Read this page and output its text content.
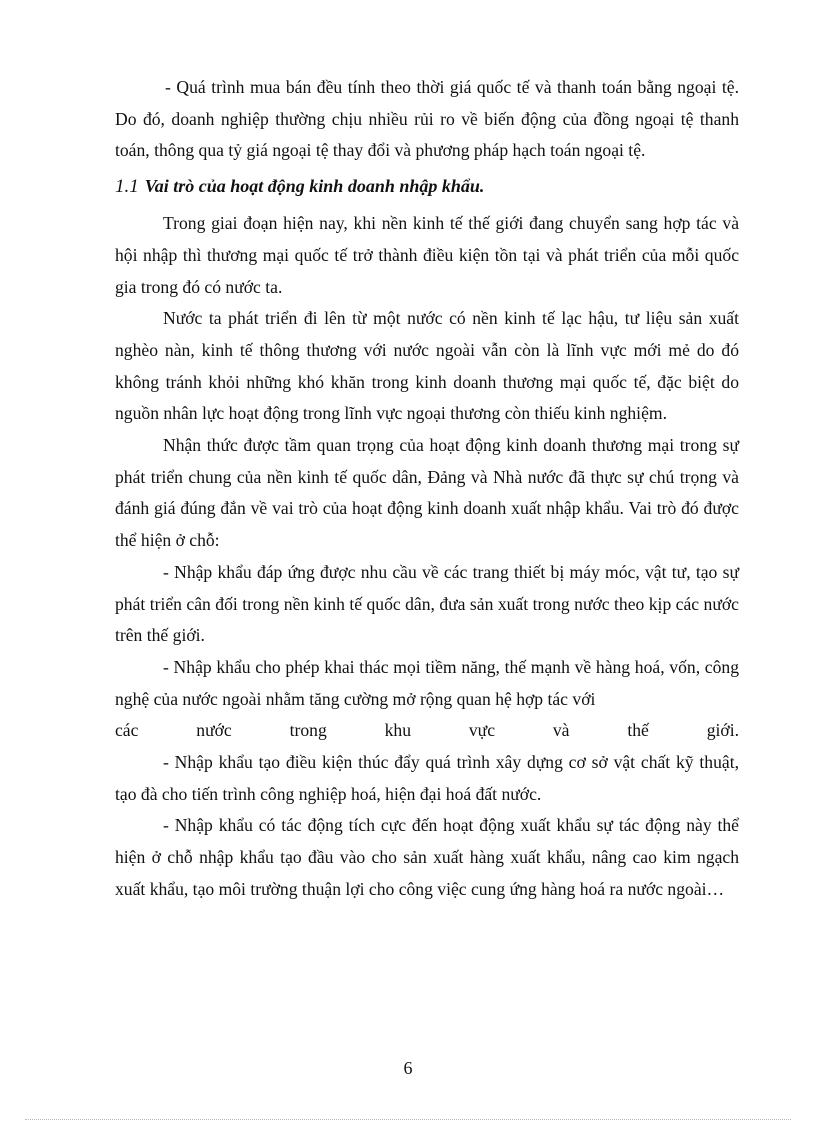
- Quá trình mua bán đều tính theo thời giá quốc tế và thanh toán bằng ngoại tệ. Do đó, doanh nghiệp thường chịu nhiều rủi ro về biến động của đồng ngoại tệ thanh toán, thông qua tỷ giá ngoại tệ thay đổi và phương pháp hạch toán ngoại tệ.

1.1 Vai trò của hoạt động kinh doanh nhập khẩu.

Trong giai đoạn hiện nay, khi nền kinh tế thế giới đang chuyển sang hợp tác và hội nhập thì thương mại quốc tế trở thành điều kiện tồn tại và phát triển của mỗi quốc gia trong đó có nước ta.

Nước ta phát triển đi lên từ một nước có nền kinh tế lạc hậu, tư liệu sản xuất nghèo nàn, kinh tế thông thương với nước ngoài vẫn còn là lĩnh vực mới mẻ do đó không tránh khỏi những khó khăn trong kinh doanh thương mại quốc tế, đặc biệt do nguồn nhân lực hoạt động trong lĩnh vực ngoại thương còn thiếu kinh nghiệm.

Nhận thức được tầm quan trọng của hoạt động kinh doanh thương mại trong sự phát triển chung của nền kinh tế quốc dân, Đảng và Nhà nước đã thực sự chú trọng và đánh giá đúng đắn về vai trò của hoạt động kinh doanh xuất nhập khẩu. Vai trò đó được thể hiện ở chỗ:

- Nhập khẩu đáp ứng được nhu cầu về các trang thiết bị máy móc, vật tư, tạo sự phát triển cân đối trong nền kinh tế quốc dân, đưa sản xuất trong nước theo kịp các nước trên thế giới.

- Nhập khẩu cho phép khai thác mọi tiềm năng, thế mạnh về hàng hoá, vốn, công nghệ của nước ngoài nhằm tăng cường mở rộng quan hệ hợp tác với

các nước trong khu vực và thế giới.

- Nhập khẩu tạo điều kiện thúc đẩy quá trình xây dựng cơ sở vật chất kỹ thuật, tạo đà cho tiến trình công nghiệp hoá, hiện đại hoá đất nước.

- Nhập khẩu có tác động tích cực đến hoạt động xuất khẩu sự tác động này thể hiện ở chỗ nhập khẩu tạo đầu vào cho sản xuất hàng xuất khẩu, nâng cao kim ngạch xuất khẩu, tạo môi trường thuận lợi cho công việc cung ứng hàng hoá ra nước ngoài…

6
